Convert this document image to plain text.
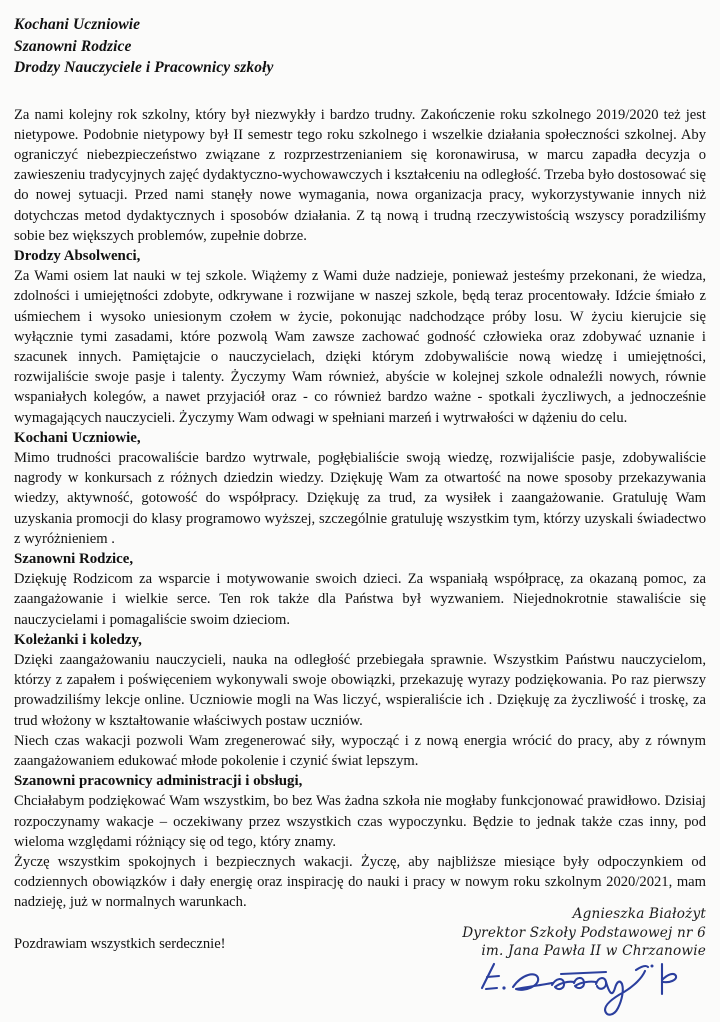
Kochani Uczniowie
Szanowni Rodzice
Drodzy Nauczyciele i Pracownicy szkoły

Za nami kolejny rok szkolny, który był niezwykły i bardzo trudny. Zakończenie roku szkolnego 2019/2020 też jest nietypowe. Podobnie nietypowy był II semestr tego roku szkolnego i wszelkie działania społeczności szkolnej. Aby ograniczyć niebezpieczeństwo związane z rozprzestrzenianiem się koronawirusa, w marcu zapadła decyzja o zawieszeniu tradycyjnych zajęć dydaktyczno-wychowawczych i kształceniu na odległość. Trzeba było dostosować się do nowej sytuacji. Przed nami stanęły nowe wymagania, nowa organizacja pracy, wykorzystywanie innych niż dotychczas metod dydaktycznych i sposobów działania. Z tą nową i trudną rzeczywistością wszyscy poradziliśmy sobie bez większych problemów, zupełnie dobrze.

Drodzy Absolwenci,

Za Wami osiem lat nauki w tej szkole. Wiążemy z Wami duże nadzieje, ponieważ jesteśmy przekonani, że wiedza, zdolności i umiejętności zdobyte, odkrywane i rozwijane w naszej szkole, będą teraz procentowały. Idźcie śmiało z uśmiechem i wysoko uniesionym czołem w życie, pokonując nadchodzące próby losu. W życiu kierujcie się wyłącznie tymi zasadami, które pozwolą Wam zawsze zachować godność człowieka oraz zdobywać uznanie i szacunek innych. Pamiętajcie o nauczycielach, dzięki którym zdobywaliście nową wiedzę i umiejętności, rozwijaliście swoje pasje i talenty. Życzymy Wam również, abyście w kolejnej szkole odnaleźli nowych, równie wspaniałych kolegów, a nawet przyjaciół oraz - co również bardzo ważne - spotkali życzliwych, a jednocześnie wymagających nauczycieli. Życzymy Wam odwagi w spełniani marzeń i wytrwałości w dążeniu do celu.

Kochani Uczniowie,

Mimo trudności pracowaliście bardzo wytrwale, pogłębialiście swoją wiedzę, rozwijaliście pasje, zdobywaliście nagrody w konkursach z różnych dziedzin wiedzy. Dziękuję Wam za otwartość na nowe sposoby przekazywania wiedzy, aktywność, gotowość do współpracy. Dziękuję za trud, za wysiłek i zaangażowanie. Gratuluję Wam uzyskania promocji do klasy programowo wyższej, szczególnie gratuluję wszystkim tym, którzy uzyskali świadectwo z wyróżnieniem .

Szanowni Rodzice,

Dziękuję Rodzicom za wsparcie i motywowanie swoich dzieci. Za wspaniałą współpracę, za okazaną pomoc, za zaangażowanie i wielkie serce. Ten rok także dla Państwa był wyzwaniem. Niejednokrotnie stawaliście się nauczycielami i pomagaliście swoim dzieciom.

Koleżanki i koledzy,

Dzięki zaangażowaniu nauczycieli, nauka na odległość przebiegała sprawnie. Wszystkim Państwu nauczycielom, którzy z zapałem i poświęceniem wykonywali swoje obowiązki, przekazuję wyrazy podziękowania. Po raz pierwszy prowadziliśmy lekcje online. Uczniowie mogli na Was liczyć, wspieraliście ich . Dziękuję za życzliwość i troskę, za trud włożony w kształtowanie właściwych postaw uczniów.

Niech czas wakacji pozwoli Wam zregenerować siły, wypocząć i z nową energia wrócić do pracy, aby z równym zaangażowaniem edukować młode pokolenie i czynić świat lepszym.

Szanowni pracownicy administracji i obsługi,

Chciałabym podziękować Wam wszystkim, bo bez Was żadna szkoła nie mogłaby funkcjonować prawidłowo. Dzisiaj rozpoczynamy wakacje – oczekiwany przez wszystkich czas wypoczynku. Będzie to jednak także czas inny, pod wieloma względami różniący się od tego, który znamy.

Życzę wszystkim spokojnych i bezpiecznych wakacji. Życzę, aby najbliższe miesiące były odpoczynkiem od codziennych obowiązków i dały energię oraz inspirację do nauki i pracy w nowym roku szkolnym 2020/2021, mam nadzieję, już w normalnych warunkach.

Pozdrawiam wszystkich serdecznie!
Agnieszka Białożyt
Dyrektor Szkoły Podstawowej nr 6
im. Jana Pawła II w Chrzanowie
